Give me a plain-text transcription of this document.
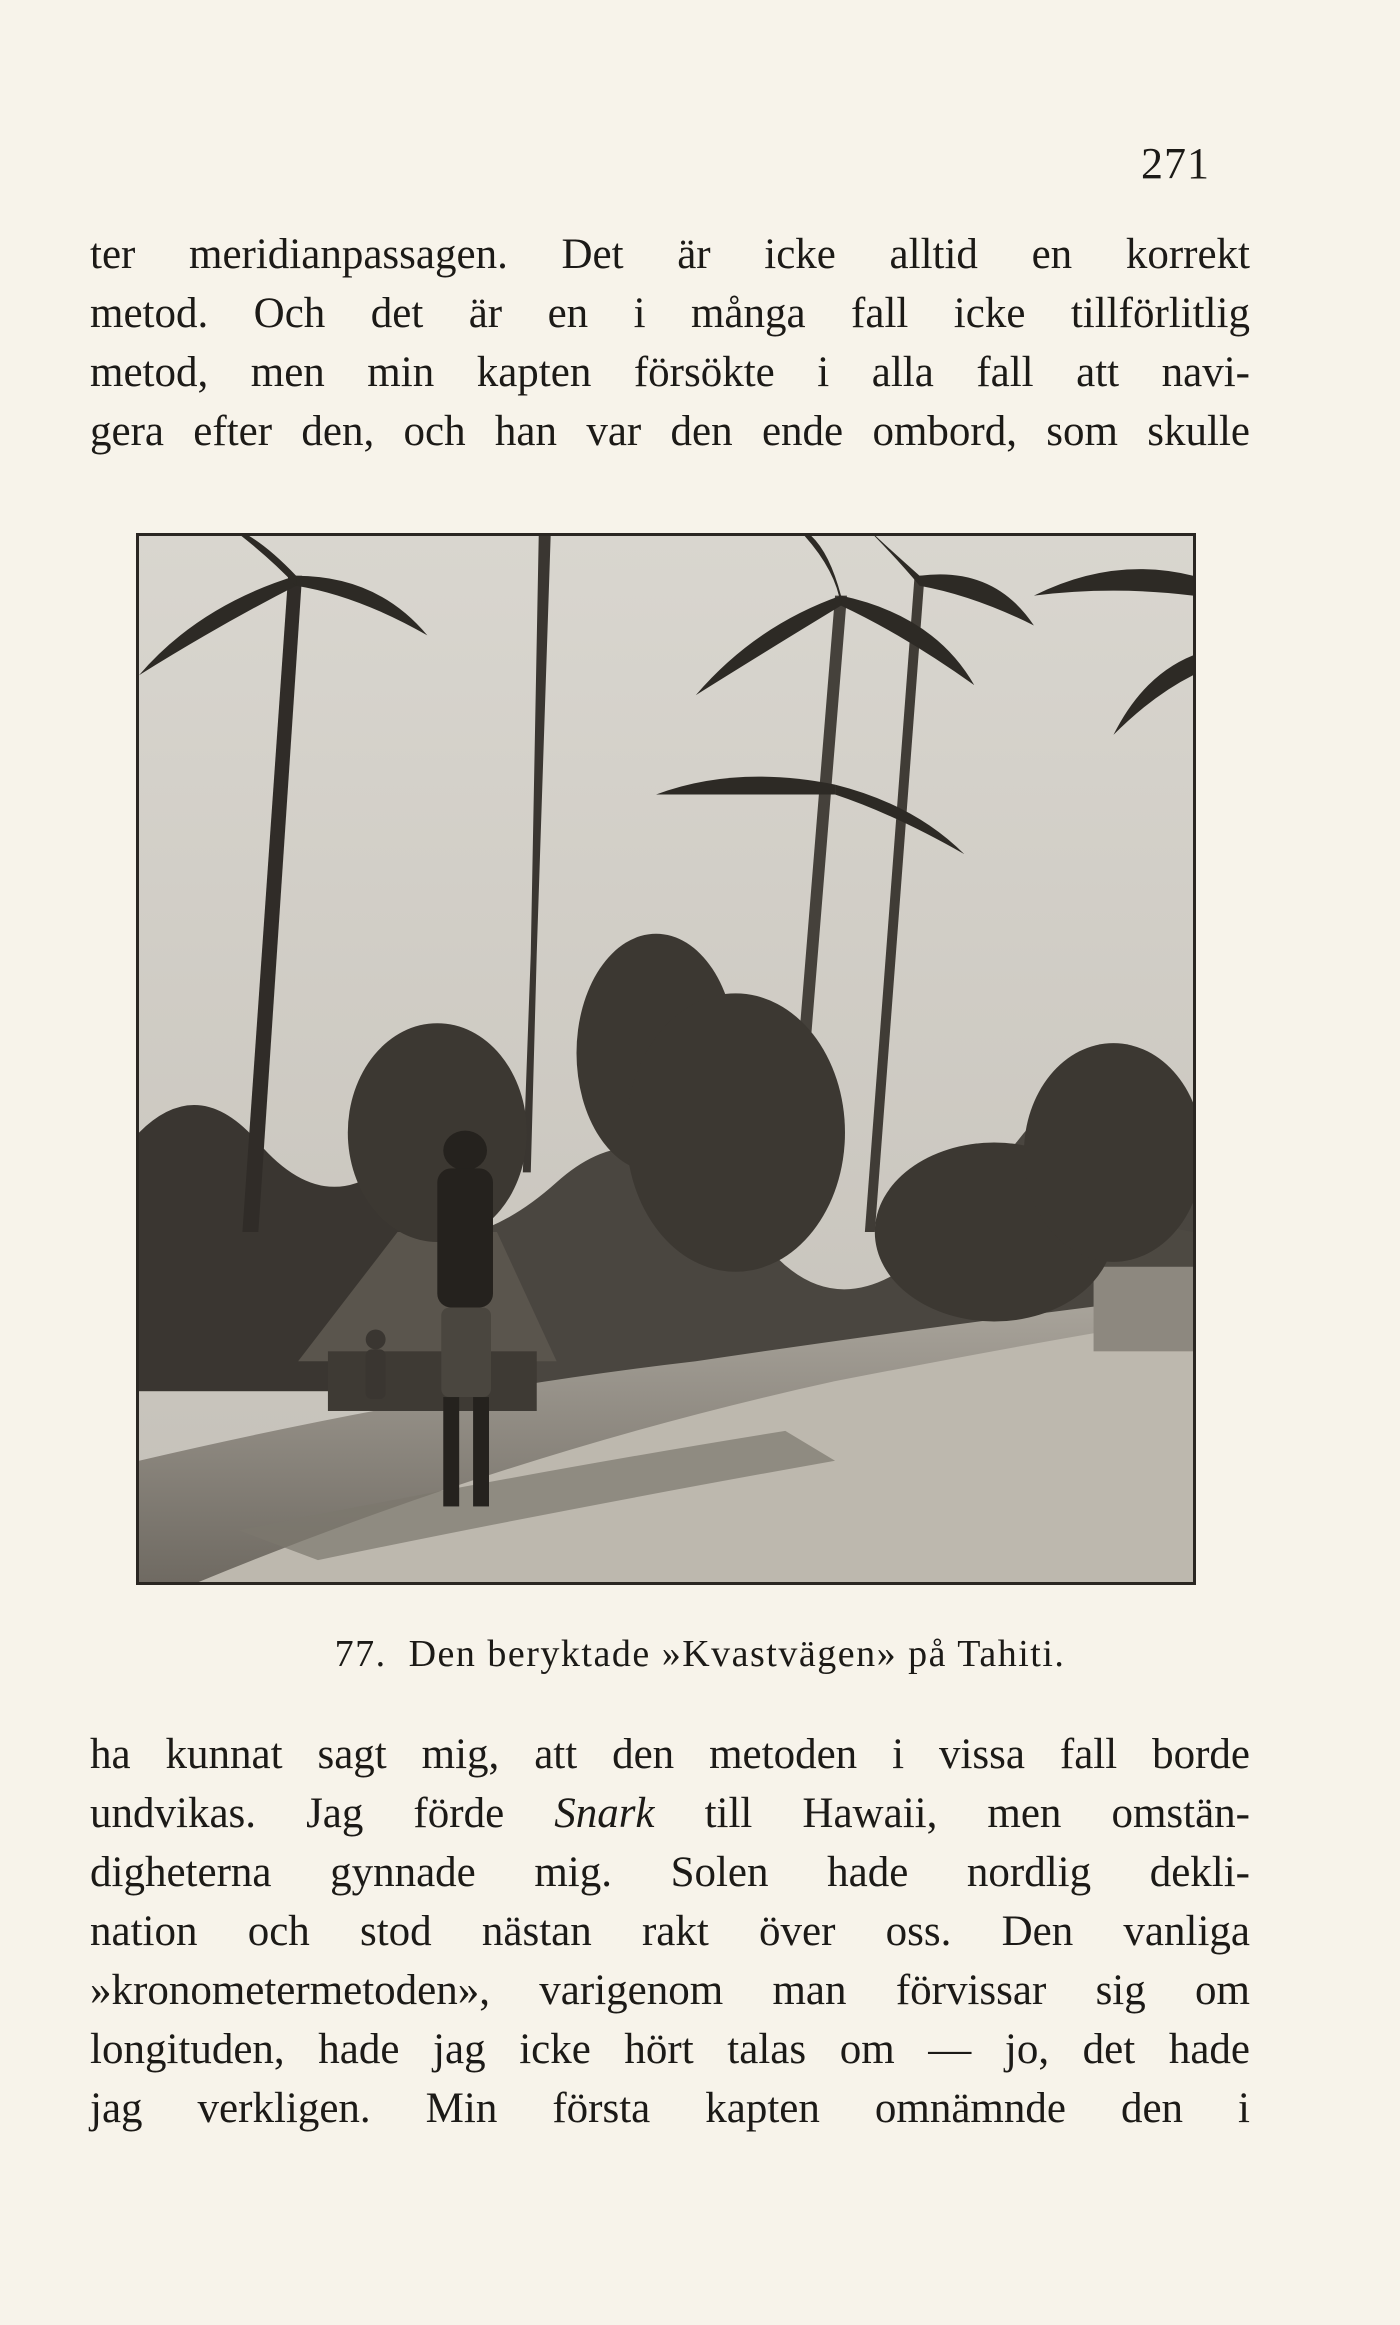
271
ter meridianpassagen. Det är icke alltid en korrekt
metod. Och det är en i många fall icke tillförlitlig
metod, men min kapten försökte i alla fall att navi-
gera efter den, och han var den ende ombord, som skulle
77. Den beryktade »Kvastvägen» på Tahiti.
ha kunnat sagt mig, att den metoden i vissa fall borde
undvikas. Jag förde Snark till Hawaii, men omstän-
digheterna gynnade mig. Solen hade nordlig dekli-
nation och stod nästan rakt över oss. Den vanliga
»kronometermetoden», varigenom man förvissar sig om
longituden, hade jag icke hört talas om — jo, det hade
jag verkligen. Min första kapten omnämnde den i
